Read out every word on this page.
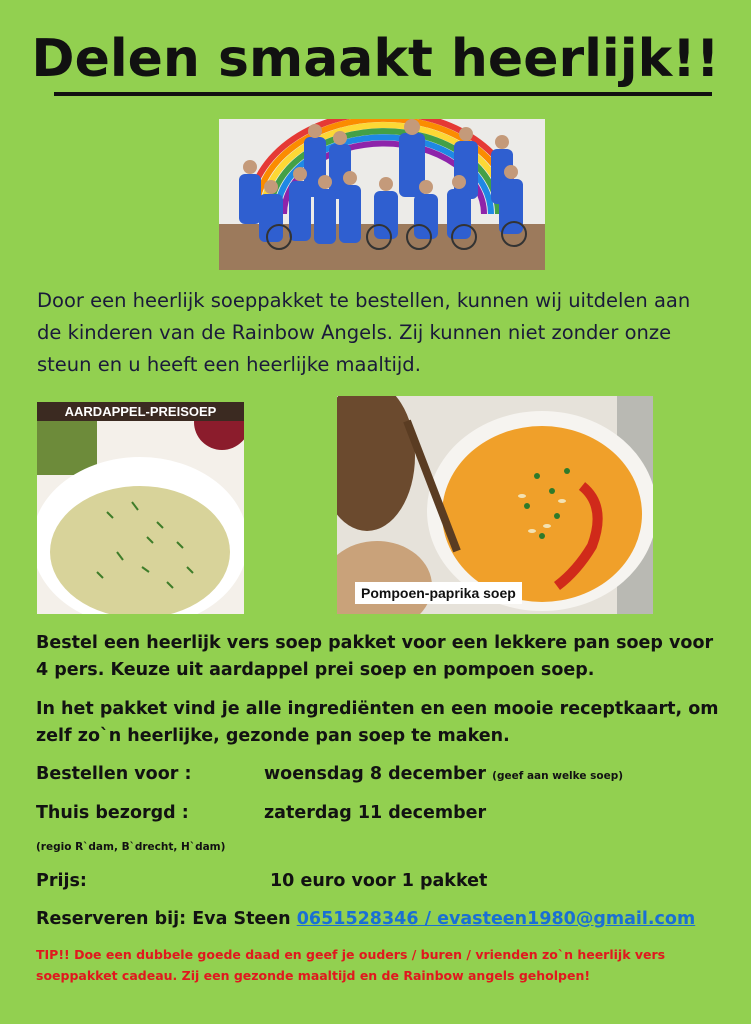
Delen smaakt heerlijk!!
Door een heerlijk soeppakket te bestellen, kunnen wij uitdelen aan de kinderen van de Rainbow Angels. Zij kunnen niet zonder onze steun en u heeft een heerlijke maaltijd.
AARDAPPEL-PREISOEP
Pompoen-paprika soep
Bestel een heerlijk vers soep pakket voor een lekkere pan soep voor 4 pers. Keuze uit aardappel prei soep en pompoen soep.
In het pakket vind je alle ingrediënten en een mooie receptkaart, om zelf zo`n heerlijke, gezonde pan soep te maken.
Bestellen voor :	woensdag 8 december (geef aan welke soep)
Thuis bezorgd :	zaterdag 11 december
(regio R`dam, B`drecht, H`dam)
Prijs:	10 euro voor 1 pakket
Reserveren bij: Eva Steen 0651528346 / evasteen1980@gmail.com
TIP!! Doe een dubbele goede daad en geef je ouders / buren / vrienden zo`n heerlijk vers soeppakket cadeau. Zij een gezonde maaltijd en de Rainbow angels geholpen!
